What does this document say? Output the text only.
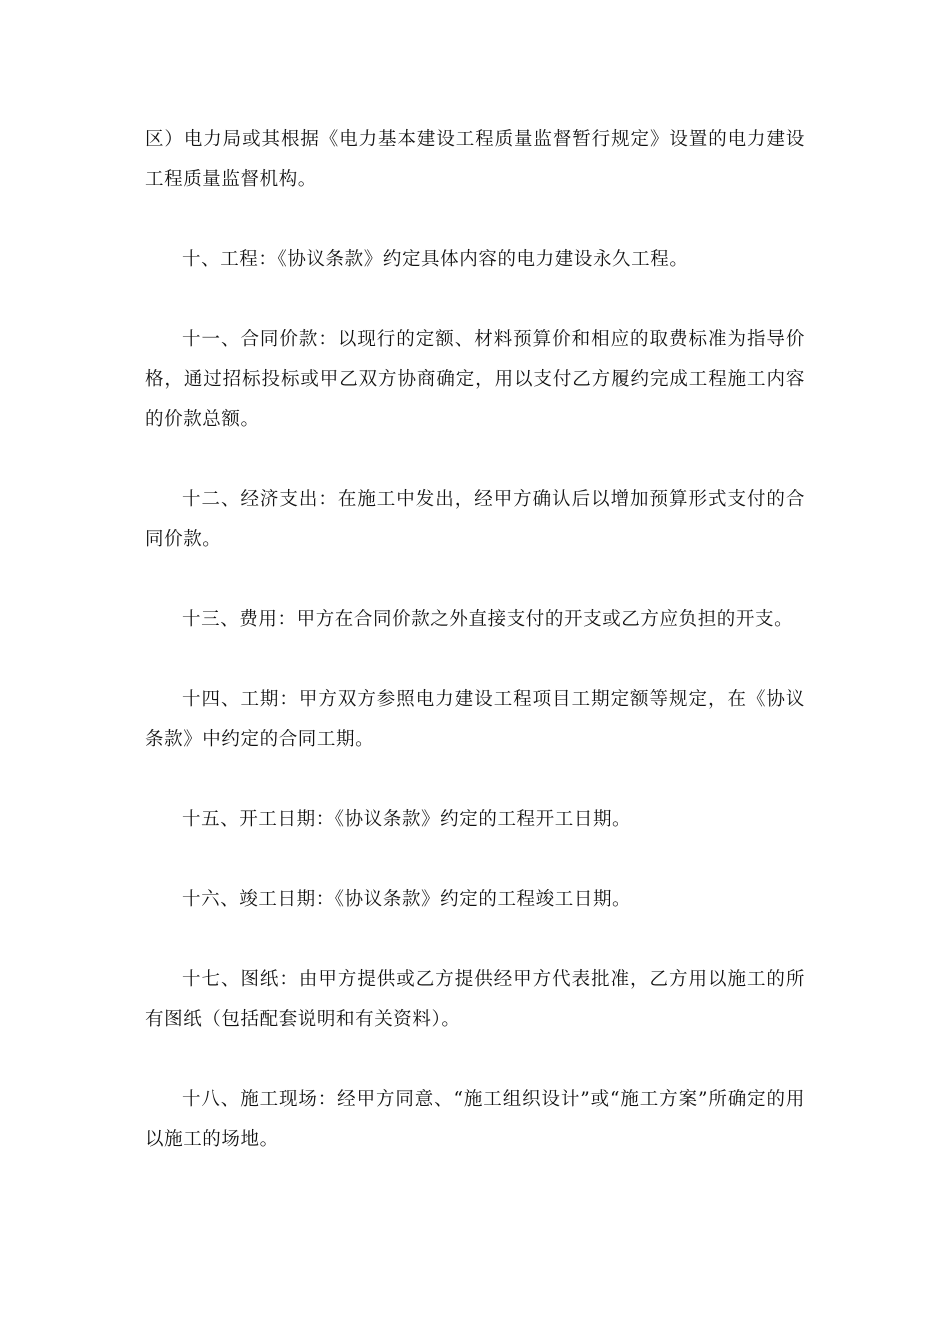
区）电力局或其根据《电力基本建设工程质量监督暂行规定》设置的电力建设工程质量监督机构。

十、工程：《协议条款》约定具体内容的电力建设永久工程。

十一、合同价款：以现行的定额、材料预算价和相应的取费标准为指导价格，通过招标投标或甲乙双方协商确定，用以支付乙方履约完成工程施工内容的价款总额。

十二、经济支出：在施工中发出，经甲方确认后以增加预算形式支付的合同价款。

十三、费用：甲方在合同价款之外直接支付的开支或乙方应负担的开支。

十四、工期：甲方双方参照电力建设工程项目工期定额等规定，在《协议条款》中约定的合同工期。

十五、开工日期：《协议条款》约定的工程开工日期。

十六、竣工日期：《协议条款》约定的工程竣工日期。

十七、图纸：由甲方提供或乙方提供经甲方代表批准，乙方用以施工的所有图纸（包括配套说明和有关资料）。

十八、施工现场：经甲方同意、“施工组织设计”或“施工方案”所确定的用以施工的场地。
